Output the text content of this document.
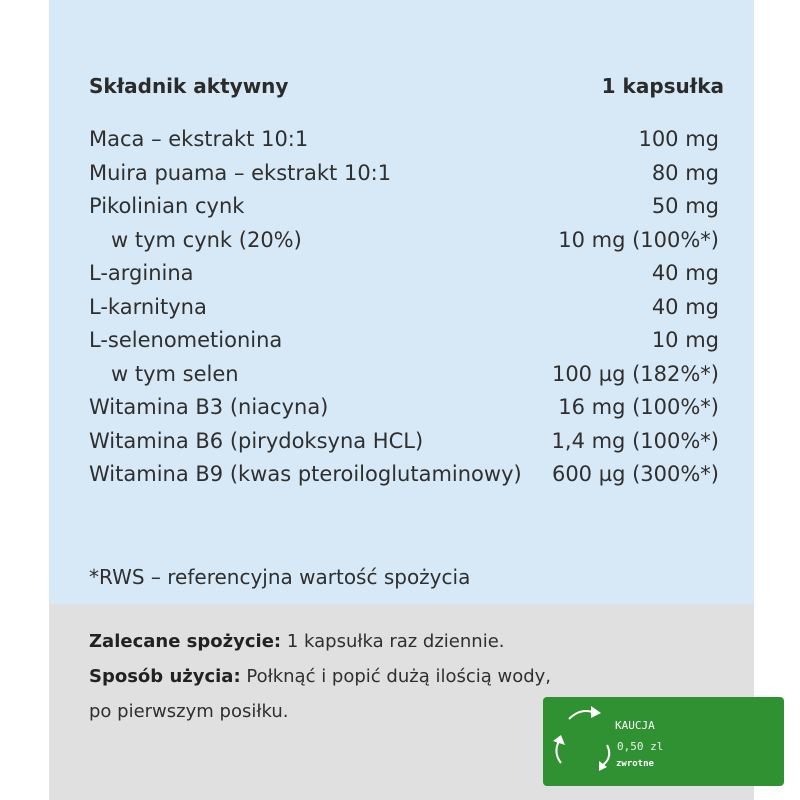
Składnik aktywny	1 kapsułka
Maca – ekstrakt 10:1	100 mg
Muira puama – ekstrakt 10:1	80 mg
Pikolinian cynk	50 mg
w tym cynk (20%)	10 mg (100%*)
L-arginina	40 mg
L-karnityna	40 mg
L-selenometionina	10 mg
w tym selen	100 µg (182%*)
Witamina B3 (niacyna)	16 mg (100%*)
Witamina B6 (pirydoksyna HCL)	1,4 mg (100%*)
Witamina B9 (kwas pteroiloglutaminowy) 600 µg (300%*)
*RWS – referencyjna wartość spożycia
Zalecane spożycie: 1 kapsułka raz dziennie.
Sposób użycia: Połknąć i popić dużą ilością wody,
po pierwszym posiłku.
KAUCJA
0,50 zl
zwrotne
